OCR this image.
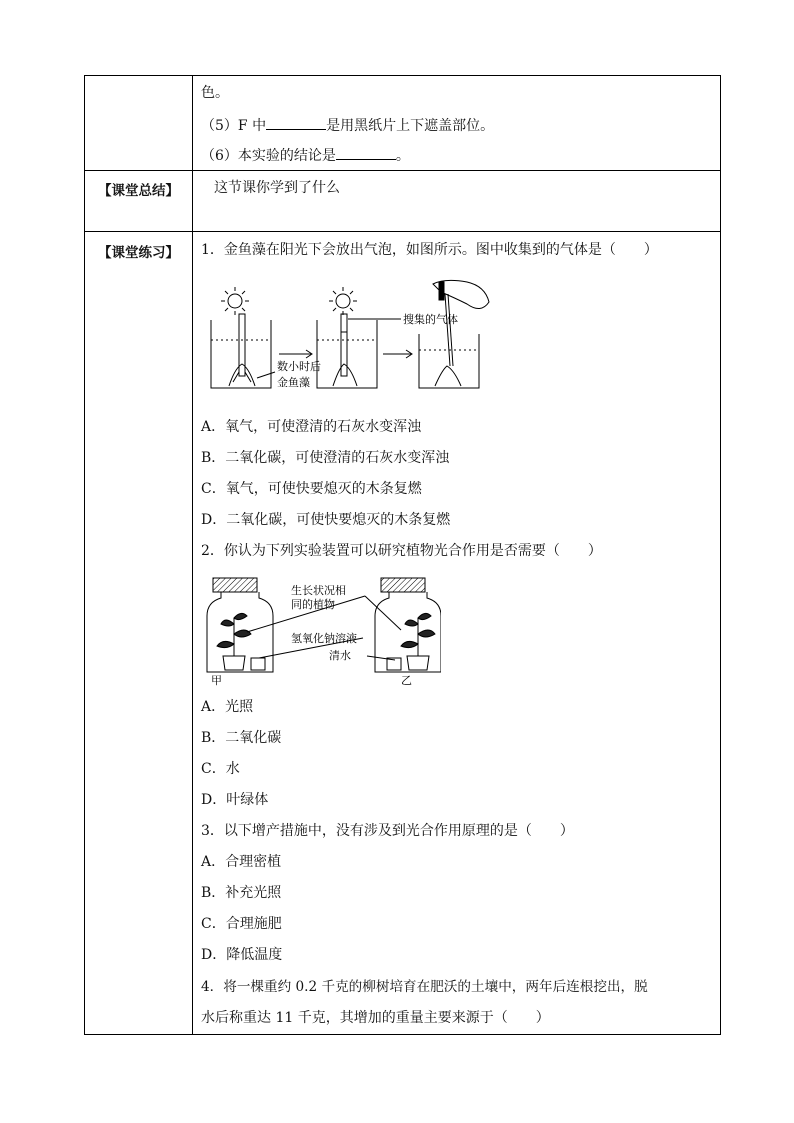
色。
（5）F 中	是用黑纸片上下遮盖部位。
（6）本实验的结论是	。
【课堂总结】	这节课你学到了什么
【课堂练习】	1．金鱼藻在阳光下会放出气泡，如图所示。图中收集到的气体是（　　）
数小时后
金鱼藻
搜集的气体
A．氧气，可使澄清的石灰水变浑浊
B．二氧化碳，可使澄清的石灰水变浑浊
C．氧气，可使快要熄灭的木条复燃
D．二氧化碳，可使快要熄灭的木条复燃
2．你认为下列实验装置可以研究植物光合作用是否需要（　　）
生长状况相
同的植物
氢氧化钠溶液
清水
甲	乙
A．光照
B．二氧化碳
C．水
D．叶绿体
3．以下增产措施中，没有涉及到光合作用原理的是（　　）
A．合理密植
B．补充光照
C．合理施肥
D．降低温度
4．将一棵重约 0.2 千克的柳树培育在肥沃的土壤中，两年后连根挖出，脱
水后称重达 11 千克，其增加的重量主要来源于（　　）
